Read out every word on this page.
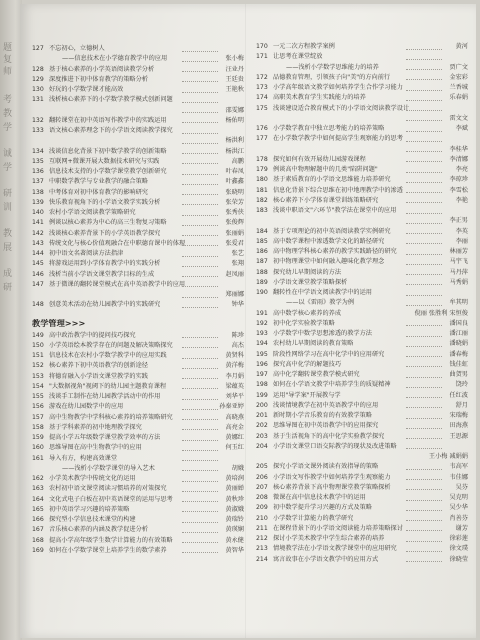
题
复
师
考
教
学
诚
学
研
训
教
展
成
研
127 不忘初心，立德树人
——信息技术在小学德育教学中的应用	张小梅
128 基于核心素养的小学英语阅读教学分析	汪业丹
129 深度推进下初中体育教学的策略分析	王廷贵
130 好玩的小学数学课才能高效	王艳秋
131 浅析核心素养下的小学数学教学模式创新问题
邵雯娜
132 翻转课堂在初中英语写作教学中的实践运用	杨佑明
133 语文核心素养理念下的小学语文阅读教学探究
杨洪利
134 浅谈信息化背景下初中数学教学的创新策略	杨洪江
135 互联网+微课开展大数据技术研究与实践	高鹏
136 信息技术支持的小学数学课堂教学创新研究	叶春凤
137 中职数学教学与专业教学的融合策略	叶鑫鑫
138 中考体育对初中体育教学的影响研究	张晓明
139 快乐教育视角下的小学语文教学实践分析	张荣芳
140 农村小学语文阅读教学策略研究	张秀侠
141 例谈以核心素养为中心的高三生物复习策略	张俊辉
142 浅谈核心素养背景下的小学英语教学探究	张丽娟
143 传统文化与核心价值观融合在中职德育课中的体现	张爱君
144 初中语文名著阅读方法指津	张艺
145 将游戏运用到小学体育教学中的实践分析	张翔
146 浅析当前小学语文课堂教学目标的生成	赵凤丽
147 基于微课的翻转课堂模式在高中英语教学中的应用
郑丽娜
148 创意美术活动在幼儿园教学中的实践研究	钟华
教学管理>>>
149 高中政治教学中的提问技巧探究	陈珍
150 小学英语绘本教学存在的问题及解决策略探究	高杰
151 信息技术在农村小学数学教学中的应用实践	黄贤科
152 核心素养下初中英语教学的创新途径	黄洋梅
153 将德育融入小学语文课堂教学的实践	李月娟
154 "大数据视角"视阈下的幼儿园主题教育课程	梁蕴英
155 浅谈手工制作在幼儿园教学活动中的作用	刘华平
156 游戏在幼儿园数学中的应用	孙秦亚婷
157 高中生物教学中学科核心素养的培养策略研究	高晓燕
158 基于学科素养的初中地理教学探究	高亮金
159 提高小学五年级数学课堂教学效率的方法	黄娜红
160 思维导图在高中生物教学中的应用	何玉红
161 导入有方，构建高效课堂
——浅析小学数学课堂的导入艺术	胡娥
162 小学美术教学中传统文化的运用	黄培润
163 农村初中语文课堂阅读习惯培养的对策探究	黄丽婵
164 文化式电子白板在初中英语课堂的运用与思考	黄秋珍
165 初中英语学习兴趣的培养策略	黄淑娥
166 探究型小学信息技术课堂的构建	黄瑞铃
167 音乐核心素养的内涵及教学促进分析	黄瑛娴
168 提高小学高年级学生数学计算能力的有效策略	黄永健
169 如何在小学数学课堂上培养学生的数学素养	黄智华
170 一元二次方程教学案例	黄河
171 让思考在课堂绽放
——浅析小学数学思维能力的培养	贾广文
172 品德教育管理，引领孩子向"美"的方向前行	金宏彩
173 小学高年级语文教学如何培养学生合作学习能力	兰香城
174 高职美术教育学生实践能力的培养	乐春娟
175 浅谈建设适合教育模式下的小学语文阅读教学设计
雷文文
176 小学数学教育中独立思考能力的培养策略	李斌
177 在小学数学教学中如何提高学生观察能力的思考
李桂华
178 探究如何有效开展幼儿园游戏课程	李清娜
179 例谈高中物理解题中的几类"陷阱问题"	李亮
180 基于素质教育的小学语文思维能力培养研究	李琼珍
181 信息化背景下综合思维在初中地理教学中的渗透	李雪松
182 核心素养下小学体育课堂训练策略研究	李艳
183 浅谈中职语文"六环节"教学法在课堂中的应用
李正男
184 基于专项理论的初中英语阅读教学实例研究	李英
185 高中数学课程中渗透数学文化的路径研究	李丽
186 高中物理学科核心素养的教学实践路径的研究	林丽芳
187 初中物理课堂中如何融入趣味化教学理念	马宇飞
188 探究幼儿早期阅读的方法	马丹萍
189 小学语文课堂教学策略探析	马秀娟
190 翻转性在中学语文阅读教学中的运用
——以《雷雨》教学为例	牟其明
191 高中数学核心素养的养成	倪丽 张胜利 宋恒俊
192 初中化学实验教学策略	潘国良
193 小学数学中数学思想渗透的教学方法	潘江丽
194 农村幼儿早期阅读的教育策略	潘晓娟
195 阶段性网络学习在高中化学中的应用研究	潘春梅
196 探究高中化学的解题技巧	钱佳虹
197 高中化学翻转课堂教学模式研究	曲贺男
198 如何在小学语文教学中培养学生的质疑精神	饶玲
199 运用"导学案"开展教与学	任红波
200 浅谈情境教学在初中英语教学中的应用	舒月
201 新时期小学音乐教育的有效教学策略	宋瑞梅
202 思维导图在初中英语教学中的应用探究	田海燕
203 基于生活视角下的高中化学实验教学探究	王思源
204 小学语文课堂口语交际教学的现状及改进策略
王小梅 减娟娟
205 探究小学语文课外阅读有效指导的策略	韦高军
206 小学语文写作教学中如何培养学生观察能力	韦佳娜
207 核心素养背景下高中物理课堂教学策略探析	吴芬
208 微课在高中信息技术教学中的运用	吴克明
209 初中数学提升学习兴趣的方式及策略	吴少华
210 小学数学计算能力的教学研究	肖善芬
211 在课程背景下的小学语文阅读能力培养策略探讨	谢芳
212 探讨小学美术教学中学生综合素养的培养	徐彩莲
213 情境教学法在小学语文教学课堂中的应用研究	徐文璞
214 寓言故事在小学语文教学中的应用方式	徐晓莹
